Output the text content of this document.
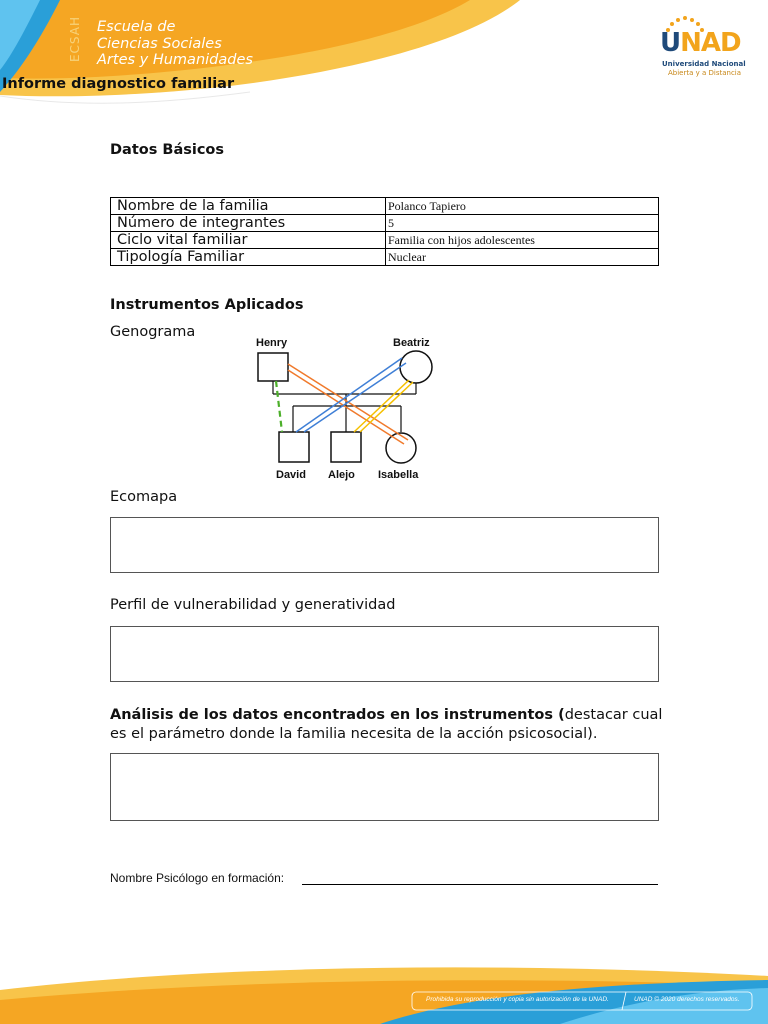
ECSAH Escuela de
Ciencias Sociales
Artes y Humanidades
UNAD
Universidad Nacional
Abierta y a Distancia
Informe diagnostico familiar
Datos Básicos
Nombre de la familia	Polanco Tapiero
Número de integrantes	5
Ciclo vital familiar	Familia con hijos adolescentes
Tipología Familiar	Nuclear
Instrumentos Aplicados
Genograma
Henry	Beatriz
David Alejo Isabella
Ecomapa
Perfil de vulnerabilidad y generatividad
Análisis de los datos encontrados en los instrumentos (destacar cual es el parámetro donde la familia necesita de la acción psicosocial).
Nombre Psicólogo en formación:
Prohibida su reproducción y copia sin autorización de la UNAD.	UNAD © 2020 derechos reservados.
